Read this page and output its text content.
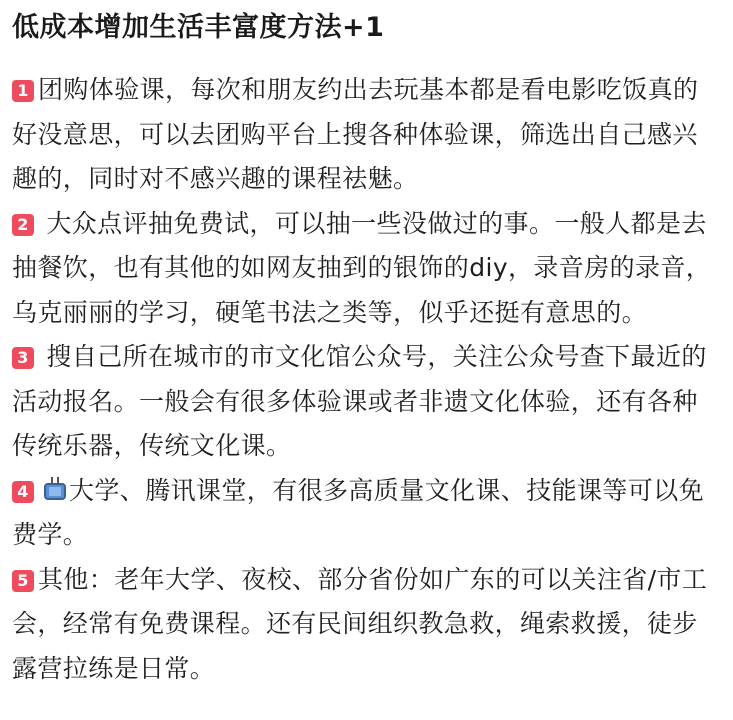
低成本增加生活丰富度方法+1

1 团购体验课，每次和朋友约出去玩基本都是看电影吃饭真的好没意思，可以去团购平台上搜各种体验课，筛选出自己感兴趣的，同时对不感兴趣的课程祛魅。

2 大众点评抽免费试，可以抽一些没做过的事。一般人都是去抽餐饮，也有其他的如网友抽到的银饰的diy，录音房的录音，乌克丽丽的学习，硬笔书法之类等，似乎还挺有意思的。

3 搜自己所在城市的市文化馆公众号，关注公众号查下最近的活动报名。一般会有很多体验课或者非遗文化体验，还有各种传统乐器，传统文化课。

4 大学、腾讯课堂，有很多高质量文化课、技能课等可以免费学。

5 其他：老年大学、夜校、部分省份如广东的可以关注省/市工会，经常有免费课程。还有民间组织教急救，绳索救援，徒步露营拉练是日常。
